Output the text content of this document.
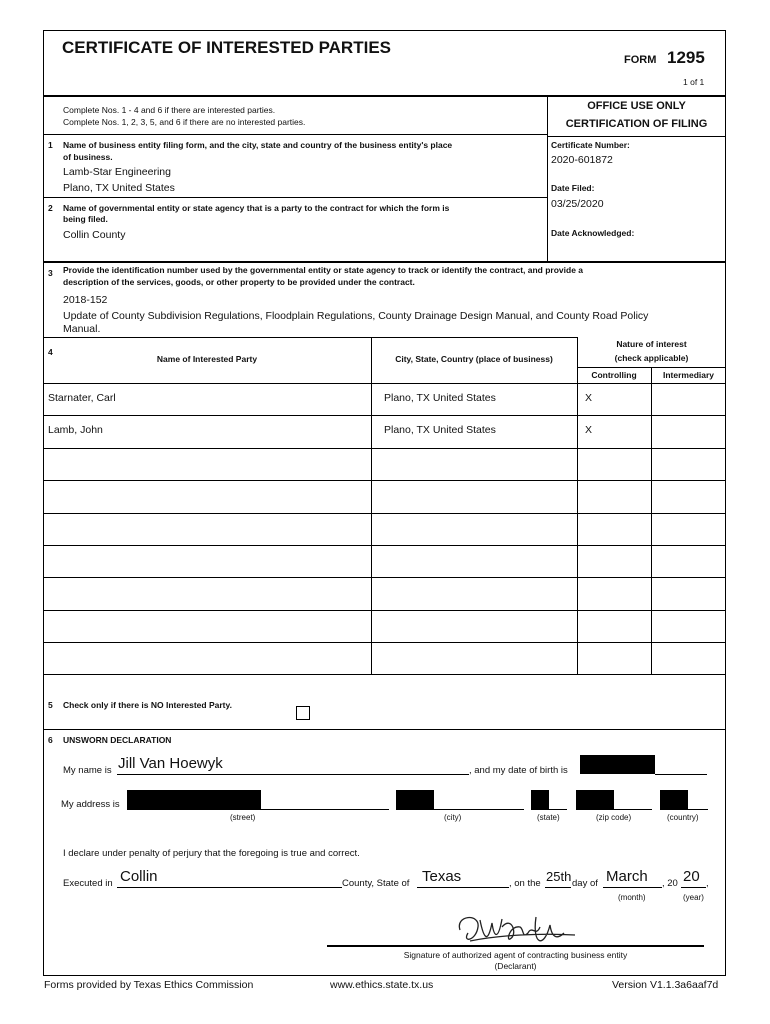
CERTIFICATE OF INTERESTED PARTIES
FORM 1295
1 of 1
OFFICE USE ONLY
CERTIFICATION OF FILING
Certificate Number:
2020-601872
Date Filed:
03/25/2020
Date Acknowledged:
Complete Nos. 1 - 4 and 6 if there are interested parties.
Complete Nos. 1, 2, 3, 5, and 6 if there are no interested parties.
1 Name of business entity filing form, and the city, state and country of the business entity's place
of business.
Lamb-Star Engineering
Plano, TX United States
2 Name of governmental entity or state agency that is a party to the contract for which the form is
being filed.
Collin County
3 Provide the identification number used by the governmental entity or state agency to track or identify the contract, and provide a
description of the services, goods, or other property to be provided under the contract.
2018-152
Update of County Subdivision Regulations, Floodplain Regulations, County Drainage Design Manual, and County Road Policy
Manual.
4
Name of Interested Party	City, State, Country (place of business)
Nature of interest
(check applicable)
Controlling	Intermediary
Starnater, Carl	Plano, TX United States	X
Lamb, John	Plano, TX United States	X
5 Check only if there is NO Interested Party.
6 UNSWORN DECLARATION
My name is Jill Van Hoewyk	, and my date of birth is
My address is
(street)	(city)	(state)	(zip code)	(country)
I declare under penalty of perjury that the foregoing is true and correct.
Executed in Collin	County, State of Texas	, on the 25th day of March , 20 20 ,
(month)	(year)
Signature of authorized agent of contracting business entity
(Declarant)
Forms provided by Texas Ethics Commission	www.ethics.state.tx.us	Version V1.1.3a6aaf7d
